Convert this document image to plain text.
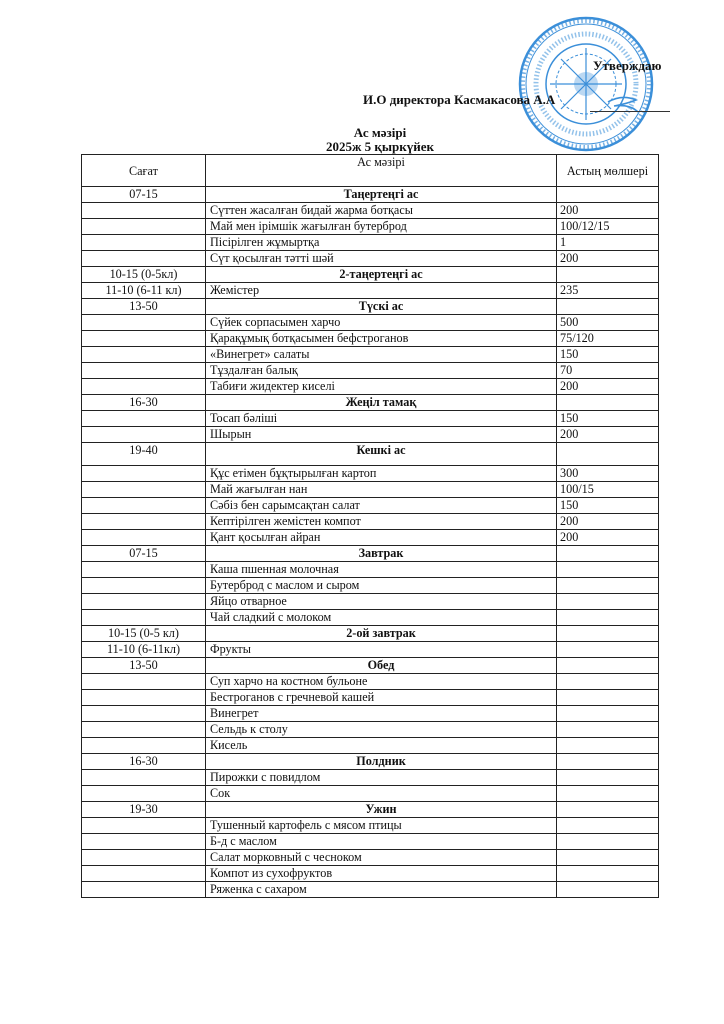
Утверждаю
И.О директора Касмакасова А.А
Ас мәзірі
2025ж 5 қыркүйек
Сағат	Ас мәзірі	Астың мөлшері
07-15	Таңертеңгі ас	
	Сүттен жасалған бидай жарма ботқасы	200
	Май мен ірімшік жағылған бутерброд	100/12/15
	Пісірілген жұмыртқа	1
	Сүт қосылған тәтті шәй	200
10-15 (0-5кл)	2-таңертеңгі ас	
11-10 (6-11 кл)	Жемістер	235
13-50	Түскі ас	
	Сүйек сорпасымен харчо	500
	Қарақұмық ботқасымен бефстроганов	75/120
	«Винегрет» салаты	150
	Тұздалған балық	70
	Табиғи жидектер киселі	200
16-30	Жеңіл тамақ	
	Тосап бәліші	150
	Шырын	200
19-40	Кешкі ас	
	Құс етімен бұқтырылған картоп	300
	Май жағылған нан	100/15
	Сәбіз бен сарымсақтан салат	150
	Кептірілген жемістен компот	200
	Қант қосылған айран	200
07-15	Завтрак	
	Каша пшенная молочная	
	Бутерброд с маслом и сыром	
	Яйцо отварное	
	Чай сладкий с молоком	
10-15 (0-5 кл)	2-ой завтрак	
11-10 (6-11кл)	Фрукты	
13-50	Обед	
	Суп харчо на костном бульоне	
	Бестроганов с гречневой кашей	
	Винегрет	
	Сельдь к столу	
	Кисель	
16-30	Полдник	
	Пирожки с повидлом	
	Сок	
19-30	Ужин	
	Тушенный картофель с мясом птицы	
	Б-д с маслом	
	Салат морковный с чесноком	
	Компот из сухофруктов	
	Ряженка с сахаром	
